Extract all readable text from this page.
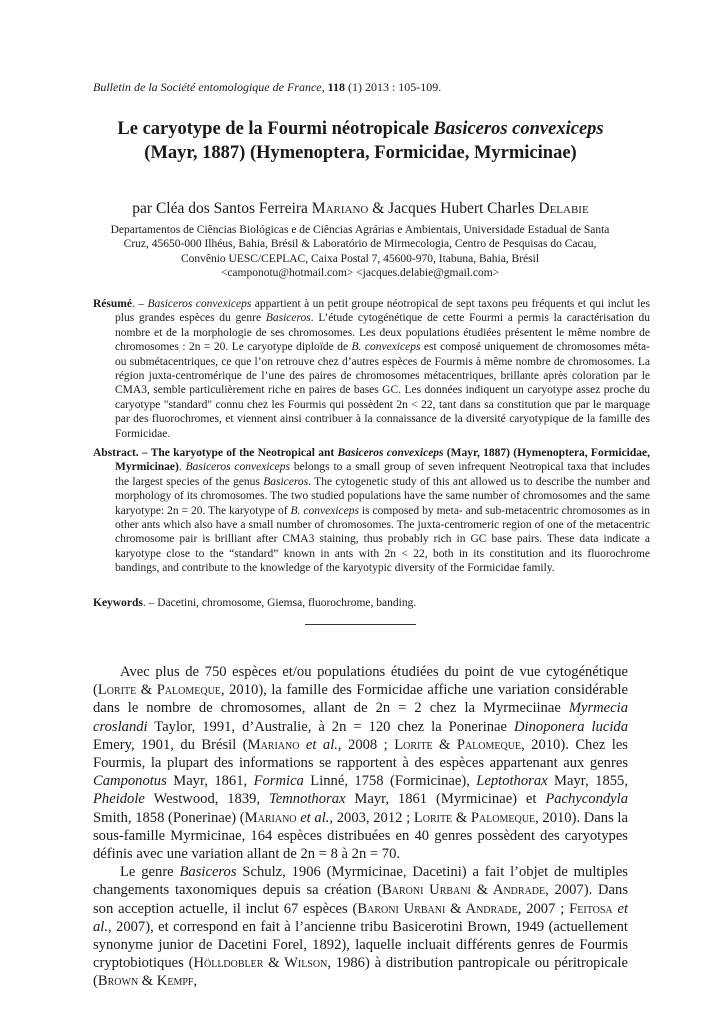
Bulletin de la Société entomologique de France, 118 (1) 2013 : 105-109.
Le caryotype de la Fourmi néotropicale Basiceros convexiceps
(Mayr, 1887) (Hymenoptera, Formicidae, Myrmicinae)
par Cléa dos Santos Ferreira Mariano & Jacques Hubert Charles Delabie
Departamentos de Ciências Biológicas e de Ciências Agrárias e Ambientais, Universidade Estadual de Santa
Cruz, 45650-000 Ilhéus, Bahia, Brésil & Laboratório de Mirmecologia, Centro de Pesquisas do Cacau,
Convênio UESC/CEPLAC, Caixa Postal 7, 45600-970, Itabuna, Bahia, Brésil
<camponotu@hotmail.com> <jacques.delabie@gmail.com>
Résumé. – Basiceros convexiceps appartient à un petit groupe néotropical de sept taxons peu fréquents et qui inclut les plus grandes espèces du genre Basiceros. L’étude cytogénétique de cette Fourmi a permis la caractérisation du nombre et de la morphologie de ses chromosomes. Les deux populations étudiées présentent le même nombre de chromosomes : 2n = 20. Le caryotype diploïde de B. convexiceps est composé uniquement de chromosomes méta- ou submétacentriques, ce que l’on retrouve chez d’autres espèces de Fourmis à même nombre de chromosomes. La région juxta-centromérique de l’une des paires de chromosomes métacentriques, brillante après coloration par le CMA3, semble particulièrement riche en paires de bases GC. Les données indiquent un caryotype assez proche du caryotype "standard" connu chez les Fourmis qui possèdent 2n < 22, tant dans sa constitution que par le marquage par des fluorochromes, et viennent ainsi contribuer à la connaissance de la diversité caryotypique de la famille des Formicidae.
Abstract. – The karyotype of the Neotropical ant Basiceros convexiceps (Mayr, 1887) (Hymenoptera, Formicidae, Myrmicinae). Basiceros convexiceps belongs to a small group of seven infrequent Neotropical taxa that includes the largest species of the genus Basiceros. The cytogenetic study of this ant allowed us to describe the number and morphology of its chromosomes. The two studied populations have the same number of chromosomes and the same karyotype: 2n = 20. The karyotype of B. convexiceps is composed by meta- and sub-metacentric chromosomes as in other ants which also have a small number of chromosomes. The juxta-centromeric region of one of the metacentric chromosome pair is brilliant after CMA3 staining, thus probably rich in GC base pairs. These data indicate a karyotype close to the “standard” known in ants with 2n < 22, both in its constitution and its fluorochrome bandings, and contribute to the knowledge of the karyotypic diversity of the Formicidae family.
Keywords. – Dacetini, chromosome, Giemsa, fluorochrome, banding.

Avec plus de 750 espèces et/ou populations étudiées du point de vue cytogénétique (Lorite & Palomeque, 2010), la famille des Formicidae affiche une variation considérable dans le nombre de chromosomes, allant de 2n = 2 chez la Myrmeciinae Myrmecia croslandi Taylor, 1991, d’Australie, à 2n = 120 chez la Ponerinae Dinoponera lucida Emery, 1901, du Brésil (Mariano et al., 2008 ; Lorite & Palomeque, 2010). Chez les Fourmis, la plupart des informations se rapportent à des espèces appartenant aux genres Camponotus Mayr, 1861, Formica Linné, 1758 (Formicinae), Leptothorax Mayr, 1855, Pheidole Westwood, 1839, Temnothorax Mayr, 1861 (Myrmicinae) et Pachycondyla Smith, 1858 (Ponerinae) (Mariano et al., 2003, 2012 ; Lorite & Palomeque, 2010). Dans la sous-famille Myrmicinae, 164 espèces distribuées en 40 genres possèdent des caryotypes définis avec une variation allant de 2n = 8 à 2n = 70.

Le genre Basiceros Schulz, 1906 (Myrmicinae, Dacetini) a fait l’objet de multiples changements taxonomiques depuis sa création (Baroni Urbani & Andrade, 2007). Dans son acception actuelle, il inclut 67 espèces (Baroni Urbani & Andrade, 2007 ; Feitosa et al., 2007), et correspond en fait à l’ancienne tribu Basicerotini Brown, 1949 (actuellement synonyme junior de Dacetini Forel, 1892), laquelle incluait différents genres de Fourmis cryptobiotiques (Hölldobler & Wilson, 1986) à distribution pantropicale ou péritropicale (Brown & Kempf,
